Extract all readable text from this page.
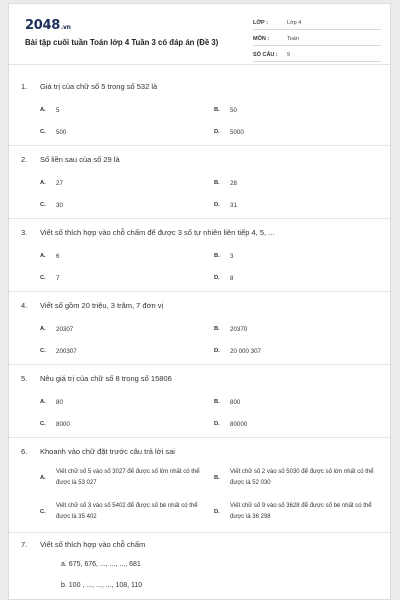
2048.vn
Bài tập cuối tuần Toán lớp 4 Tuần 3 có đáp án (Đề 3)
LỚP :	Lớp 4
MÔN :	Toán
SỐ CÂU : 9
1. Giá trị của chữ số 5 trong số 532 là
A. 5	B. 50
C. 500	D. 5000
2. Số liền sau của số 29 là
A. 27	B. 28
C. 30	D. 31
3. Viết số thích hợp vào chỗ chấm để được 3 số tự nhiên liên tiếp 4, 5, ...
A. 6	B. 3
C. 7	D. 8
4. Viết số gồm 20 triệu, 3 trăm, 7 đơn vị
A. 20307	B. 20370
C. 200307	D. 20 000 307
5. Nêu giá trị của chữ số 8 trong số 15806
A. 80	B. 800
C. 8000	D. 80000
6. Khoanh vào chữ đặt trước câu trả lời sai
A.
Viết chữ số 5 vào số 3027 để được số lớn nhất có thể được là 53 027
B.
Viết chữ số 2 vào số 5030 để được số lớn nhất có thể được là 52 030
C.
Viết chữ số 3 vào số 5402 để được số bé nhất có thể được là 35 402
D.
Viết chữ số 9 vào số 3628 để được số bé nhất có thể được là 36 298
7. Viết số thích hợp vào chỗ chấm
a. 675, 676, ..., ..., ..., 681
b. 100 , ..., ..., ..., 108, 110
